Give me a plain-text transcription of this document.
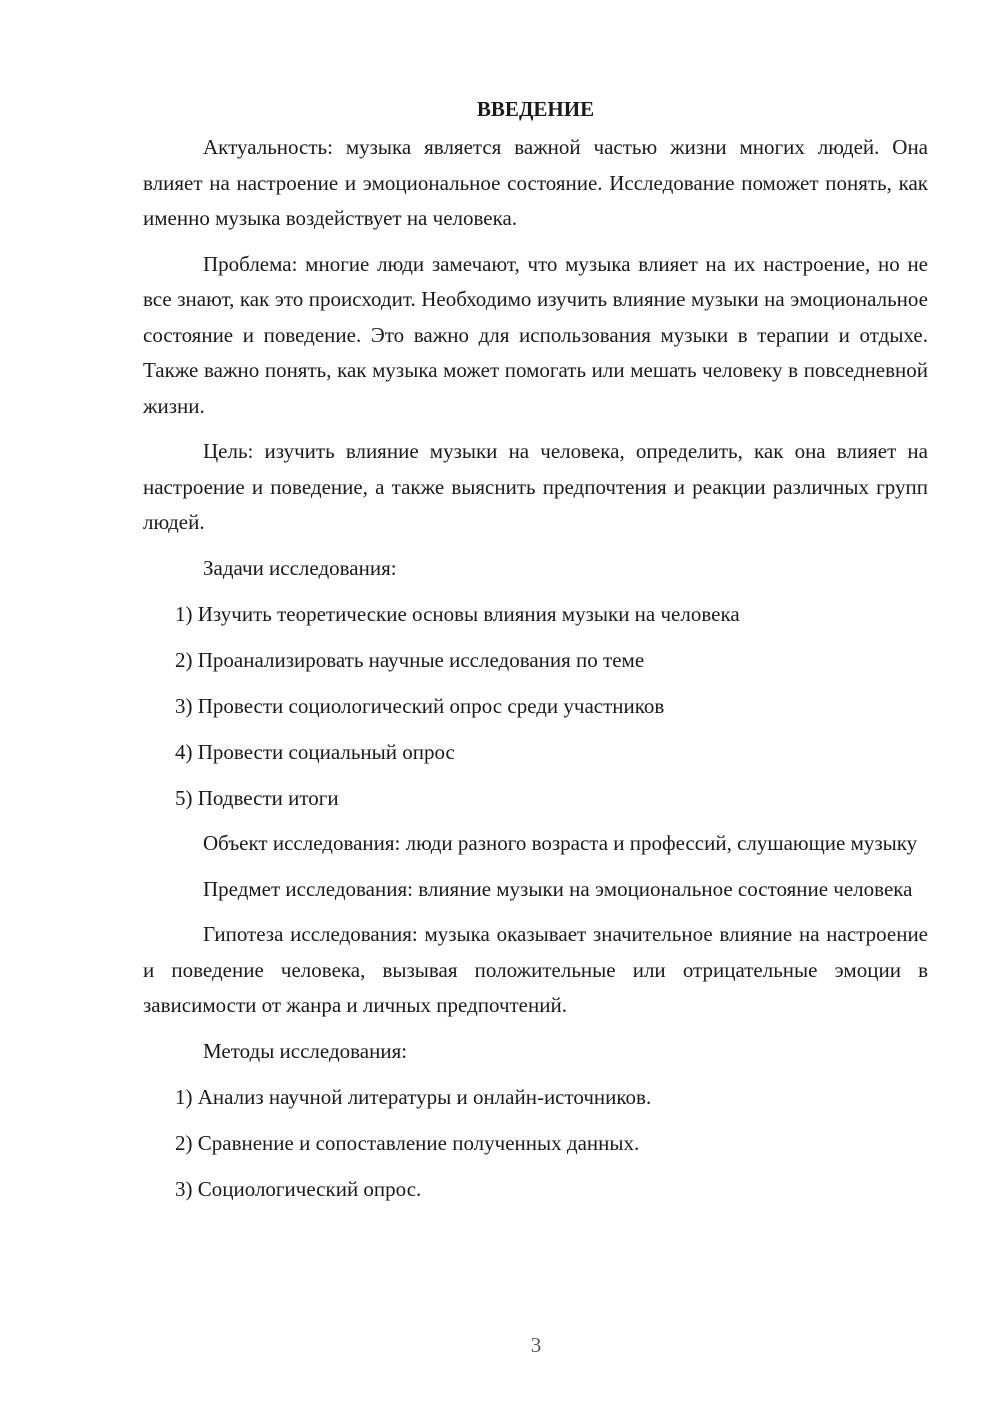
ВВЕДЕНИЕ

Актуальность: музыка является важной частью жизни многих людей. Она влияет на настроение и эмоциональное состояние. Исследование поможет понять, как именно музыка воздействует на человека.

Проблема: многие люди замечают, что музыка влияет на их настроение, но не все знают, как это происходит. Необходимо изучить влияние музыки на эмоциональное состояние и поведение. Это важно для использования музыки в терапии и отдыхе. Также важно понять, как музыка может помогать или мешать человеку в повседневной жизни.

Цель: изучить влияние музыки на человека, определить, как она влияет на настроение и поведение, а также выяснить предпочтения и реакции различных групп людей.

Задачи исследования:

1) Изучить теоретические основы влияния музыки на человека

2) Проанализировать научные исследования по теме

3) Провести социологический опрос среди участников

4) Провести социальный опрос

5) Подвести итоги

Объект исследования: люди разного возраста и профессий, слушающие музыку

Предмет исследования: влияние музыки на эмоциональное состояние человека

Гипотеза исследования: музыка оказывает значительное влияние на настроение и поведение человека, вызывая положительные или отрицательные эмоции в зависимости от жанра и личных предпочтений.

Методы исследования:

1) Анализ научной литературы и онлайн-источников.

2) Сравнение и сопоставление полученных данных.

3) Социологический опрос.

3
